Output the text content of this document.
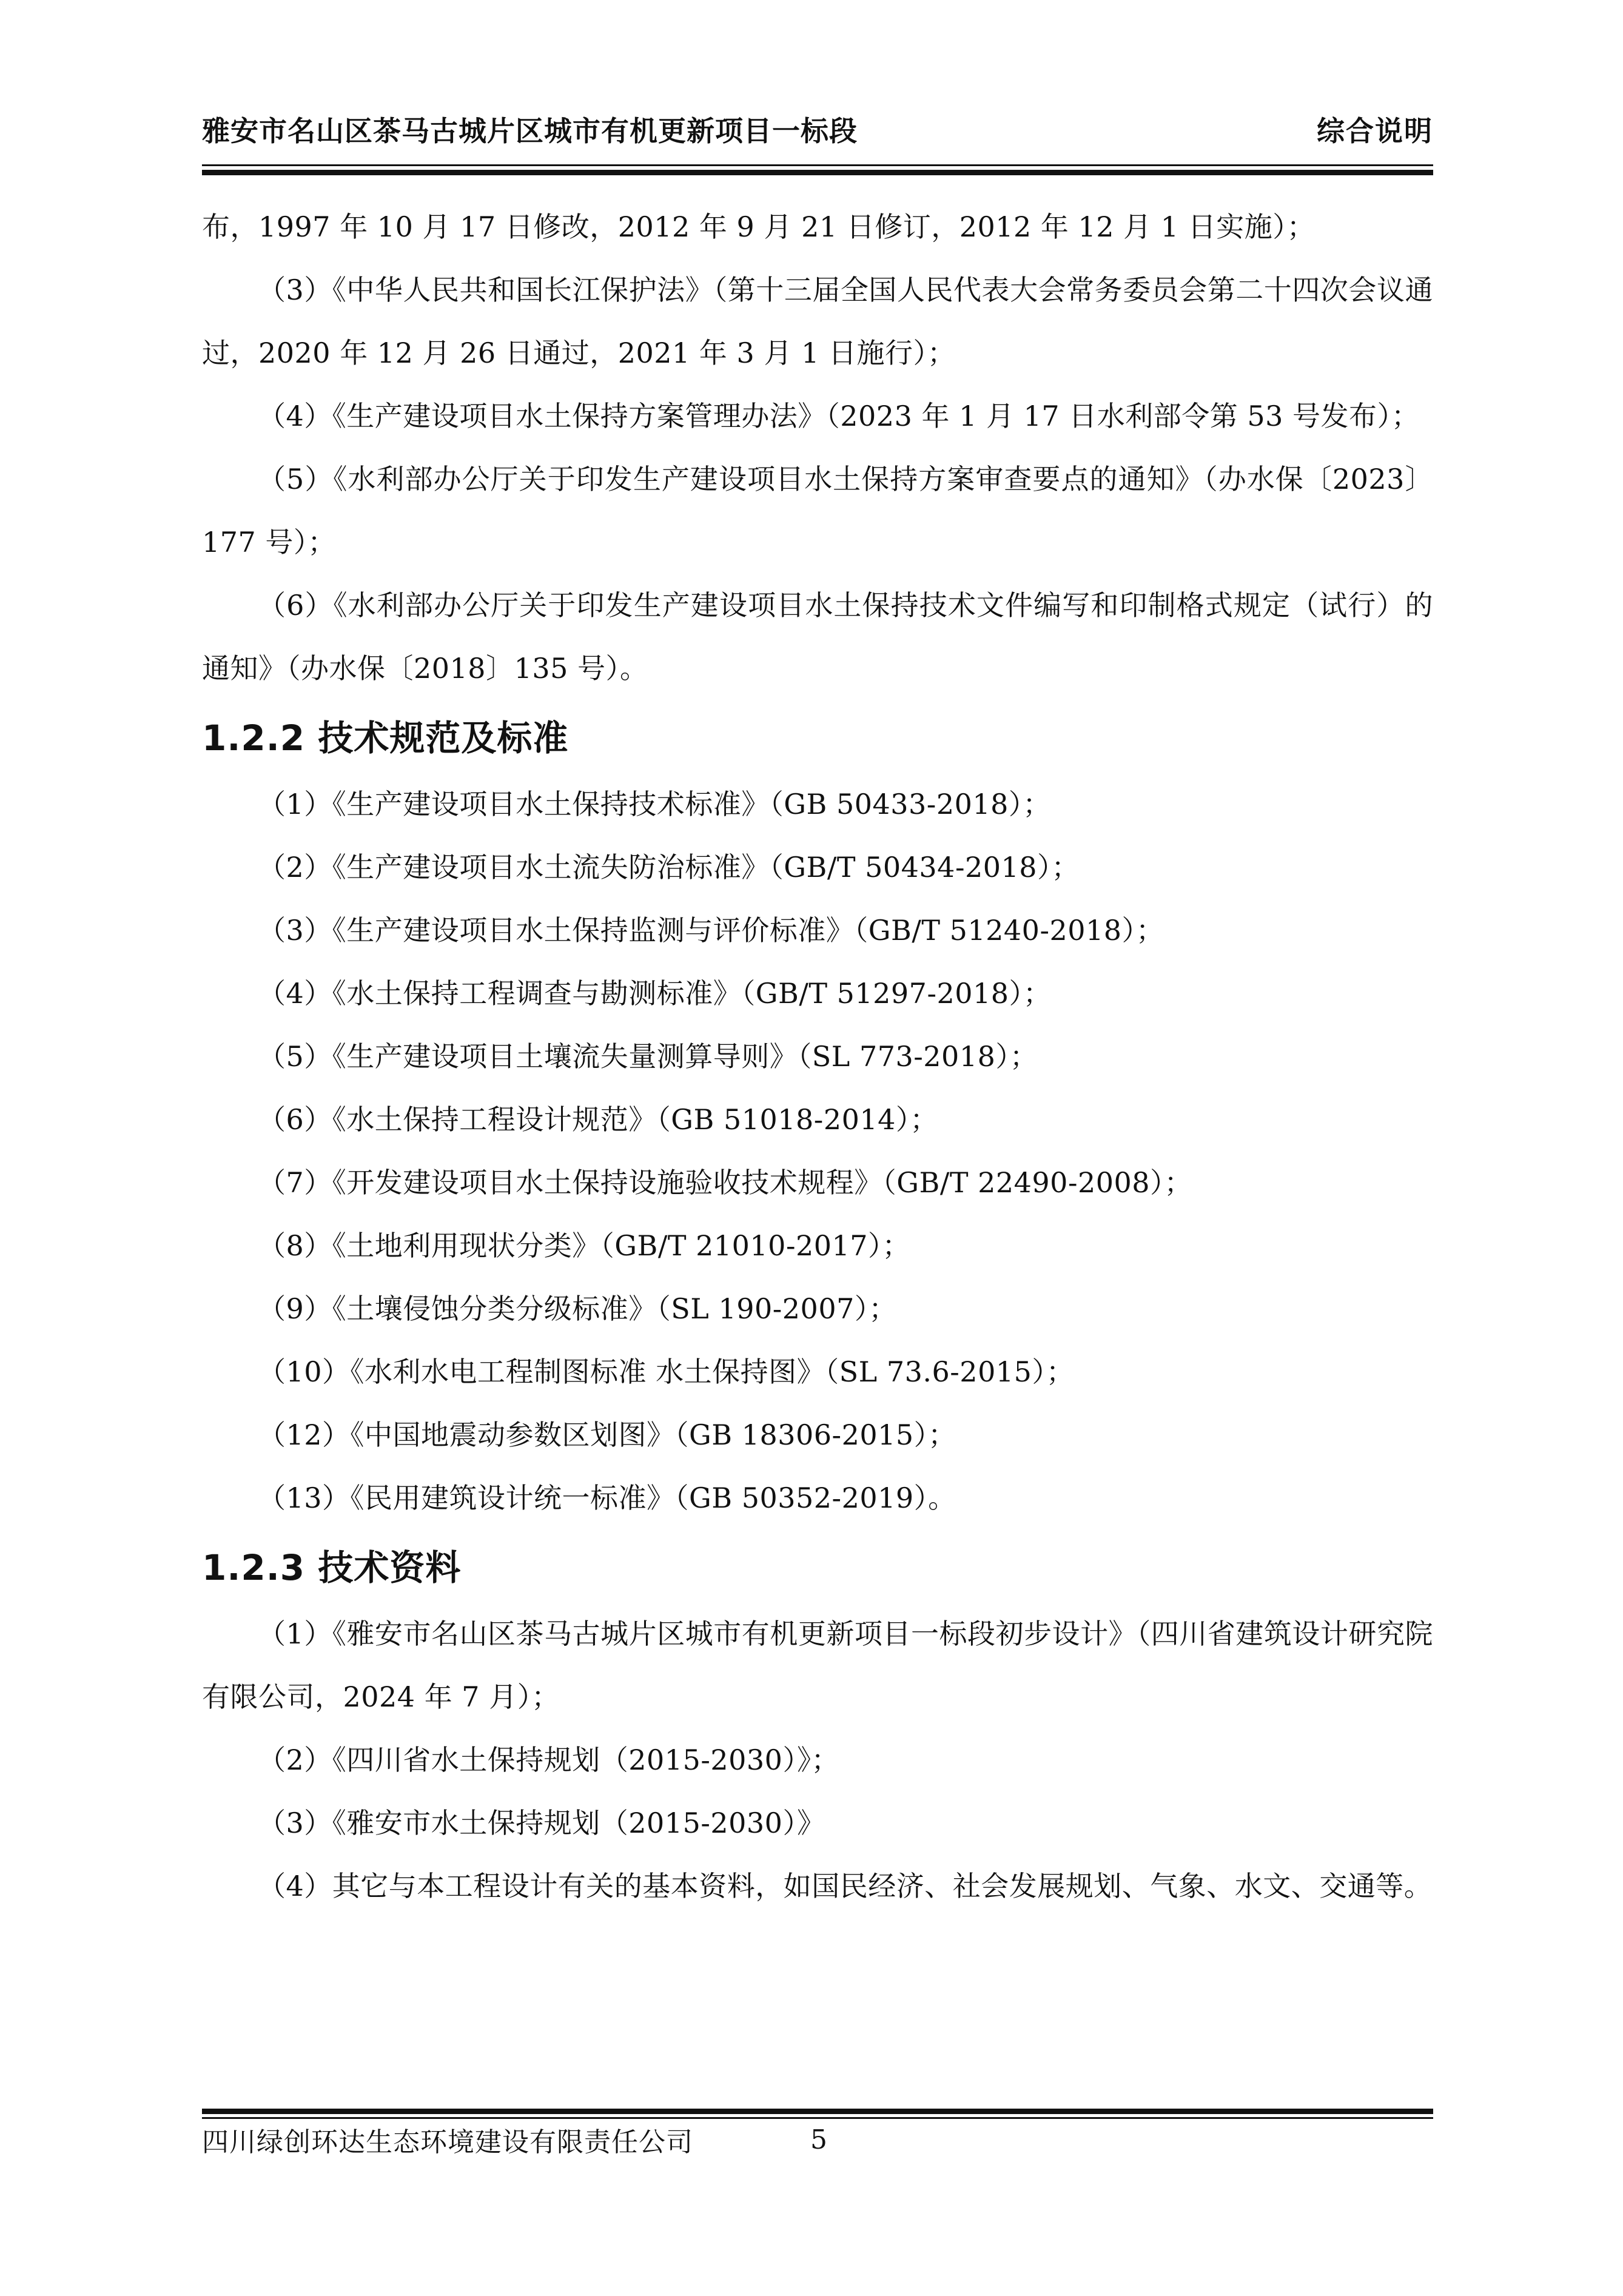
雅安市名山区茶马古城片区城市有机更新项目一标段	综合说明

布，1997 年 10 月 17 日修改，2012 年 9 月 21 日修订，2012 年 12 月 1 日实施）；

（3）《中华人民共和国长江保护法》（第十三届全国人民代表大会常务委员会第二十四次会议通过，2020 年 12 月 26 日通过，2021 年 3 月 1 日施行）；

（4）《生产建设项目水土保持方案管理办法》（2023 年 1 月 17 日水利部令第 53 号发布）；

（5）《水利部办公厅关于印发生产建设项目水土保持方案审查要点的通知》（办水保〔2023〕177 号）；

（6）《水利部办公厅关于印发生产建设项目水土保持技术文件编写和印制格式规定（试行）的通知》（办水保〔2018〕135 号）。

1.2.2 技术规范及标准

（1）《生产建设项目水土保持技术标准》（GB 50433-2018）；

（2）《生产建设项目水土流失防治标准》（GB/T 50434-2018）；

（3）《生产建设项目水土保持监测与评价标准》（GB/T 51240-2018）；

（4）《水土保持工程调查与勘测标准》（GB/T 51297-2018）；

（5）《生产建设项目土壤流失量测算导则》（SL 773-2018）；

（6）《水土保持工程设计规范》（GB 51018-2014）；

（7）《开发建设项目水土保持设施验收技术规程》（GB/T 22490-2008）；

（8）《土地利用现状分类》（GB/T 21010-2017）；

（9）《土壤侵蚀分类分级标准》（SL 190-2007）；

（10）《水利水电工程制图标准 水土保持图》（SL 73.6-2015）；

（12）《中国地震动参数区划图》（GB 18306-2015）；

（13）《民用建筑设计统一标准》（GB 50352-2019）。

1.2.3 技术资料

（1）《雅安市名山区茶马古城片区城市有机更新项目一标段初步设计》（四川省建筑设计研究院有限公司，2024 年 7 月）；

（2）《四川省水土保持规划（2015-2030）》；

（3）《雅安市水土保持规划（2015-2030）》

（4）其它与本工程设计有关的基本资料，如国民经济、社会发展规划、气象、水文、交通等。

四川绿创环达生态环境建设有限责任公司	5
